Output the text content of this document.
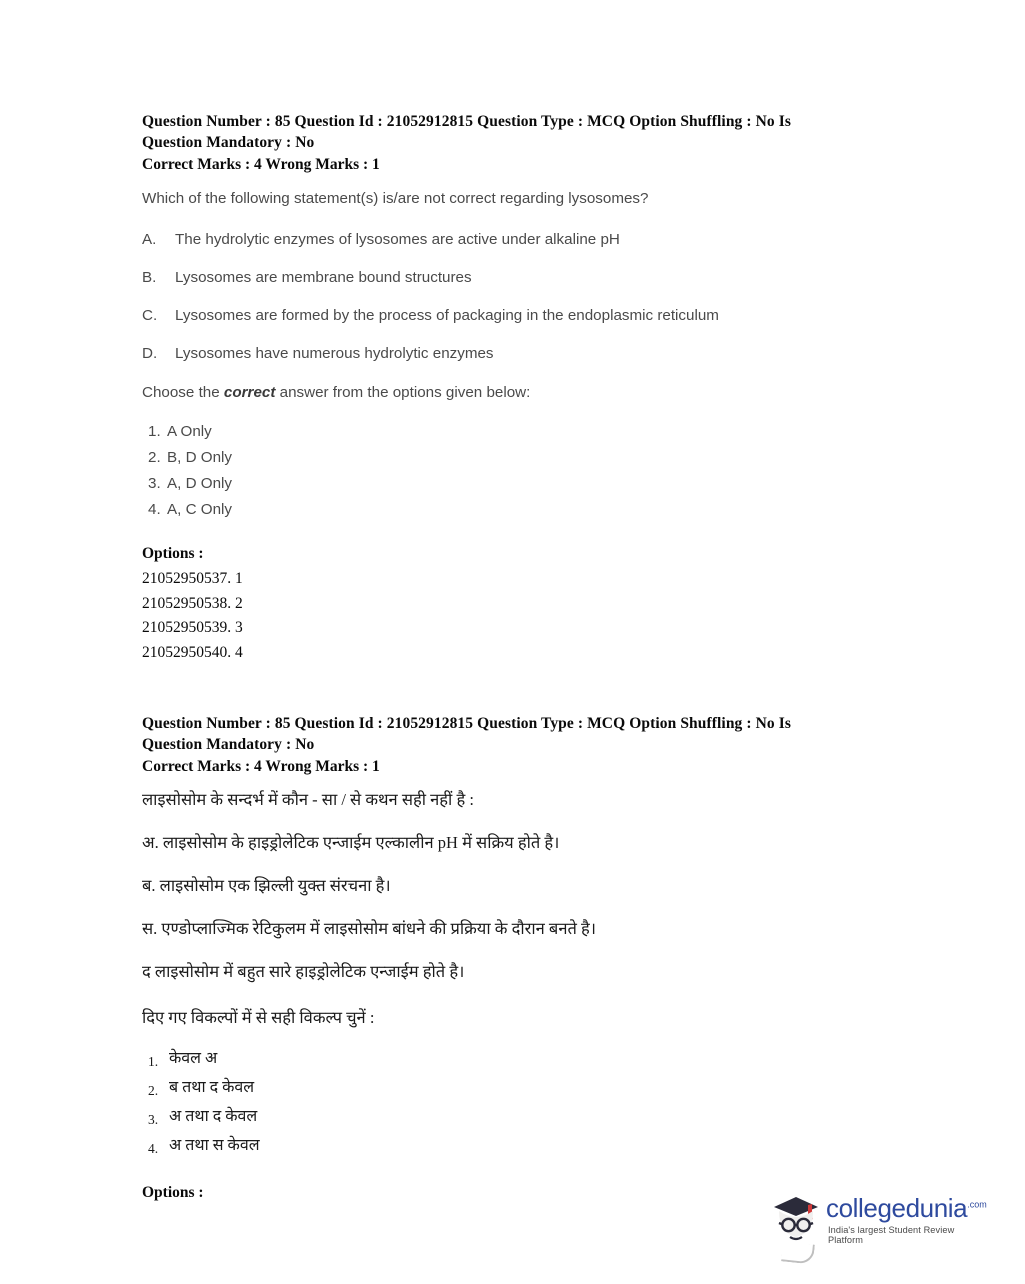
Question Number : 85 Question Id : 21052912815 Question Type : MCQ Option Shuffling : No Is
Question Mandatory : No
Correct Marks : 4 Wrong Marks : 1
Which of the following statement(s) is/are not correct regarding lysosomes?
A.	The hydrolytic enzymes of lysosomes are active under alkaline pH
B.	Lysosomes are membrane bound structures
C.	Lysosomes are formed by the process of packaging in the endoplasmic reticulum
D.	Lysosomes have numerous hydrolytic enzymes
Choose the correct answer from the options given below:
1. A Only
2. B, D Only
3. A, D Only
4. A, C Only
Options :
21052950537. 1
21052950538. 2
21052950539. 3
21052950540. 4
Question Number : 85 Question Id : 21052912815 Question Type : MCQ Option Shuffling : No Is
Question Mandatory : No
Correct Marks : 4 Wrong Marks : 1
लाइसोसोम के सन्दर्भ में कौन - सा / से कथन सही नहीं है :
अ. लाइसोसोम के हाइड्रोलेटिक एन्जाईम एल्कालीन pH में सक्रिय होते है।
ब. लाइसोसोम एक झिल्ली युक्त संरचना है।
स. एण्डोप्लाज्मिक रेटिकुलम में लाइसोसोम बांधने की प्रक्रिया के दौरान बनते है।
द लाइसोसोम में बहुत सारे हाइड्रोलेटिक एन्जाईम होते है।
दिए गए विकल्पों में से सही विकल्प चुनें :
1. केवल अ
2. ब तथा द केवल
3. अ तथा द केवल
4. अ तथा स केवल
Options :
collegedunia$^{.com}$
India's largest Student Review Platform
